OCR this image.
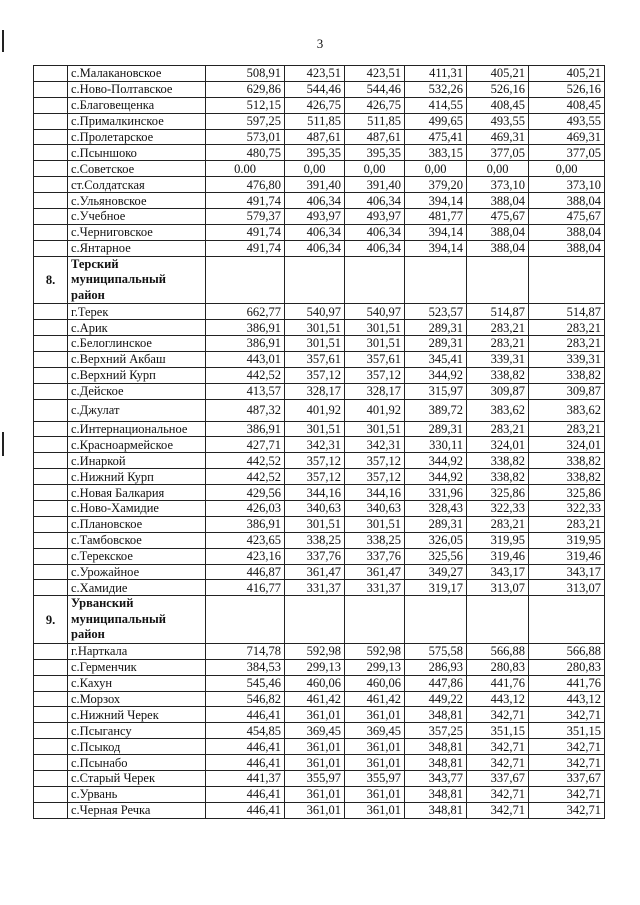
3
	с.Малакановское	508,91	423,51	423,51	411,31	405,21	405,21
	с.Ново-Полтавское	629,86	544,46	544,46	532,26	526,16	526,16
	с.Благовещенка	512,15	426,75	426,75	414,55	408,45	408,45
	с.Прималкинское	597,25	511,85	511,85	499,65	493,55	493,55
	с.Пролетарское	573,01	487,61	487,61	475,41	469,31	469,31
	с.Псыншоко	480,75	395,35	395,35	383,15	377,05	377,05
	с.Советское	0.00	0,00	0,00	0,00	0,00	0,00
	ст.Солдатская	476,80	391,40	391,40	379,20	373,10	373,10
	с.Ульяновское	491,74	406,34	406,34	394,14	388,04	388,04
	с.Учебное	579,37	493,97	493,97	481,77	475,67	475,67
	с.Черниговское	491,74	406,34	406,34	394,14	388,04	388,04
	с.Янтарное	491,74	406,34	406,34	394,14	388,04	388,04
8.	Терский
муниципальный
район						

	г.Терек	662,77	540,97	540,97	523,57	514,87	514,87
	с.Арик	386,91	301,51	301,51	289,31	283,21	283,21
	с.Белоглинское	386,91	301,51	301,51	289,31	283,21	283,21
	с.Верхний Акбаш	443,01	357,61	357,61	345,41	339,31	339,31
	с.Верхний Курп	442,52	357,12	357,12	344,92	338,82	338,82
	с.Дейское	413,57	328,17	328,17	315,97	309,87	309,87
	с.Джулат	487,32	401,92	401,92	389,72	383,62	383,62
	с.Интернациональное	386,91	301,51	301,51	289,31	283,21	283,21
	с.Красноармейское	427,71	342,31	342,31	330,11	324,01	324,01
	с.Инаркой	442,52	357,12	357,12	344,92	338,82	338,82
	с.Нижний Курп	442,52	357,12	357,12	344,92	338,82	338,82
	с.Новая Балкария	429,56	344,16	344,16	331,96	325,86	325,86
	с.Ново-Хамидие	426,03	340,63	340,63	328,43	322,33	322,33
	с.Плановское	386,91	301,51	301,51	289,31	283,21	283,21
	с.Тамбовское	423,65	338,25	338,25	326,05	319,95	319,95
	с.Терекское	423,16	337,76	337,76	325,56	319,46	319,46
	с.Урожайное	446,87	361,47	361,47	349,27	343,17	343,17
	с.Хамидие	416,77	331,37	331,37	319,17	313,07	313,07
9.	Урванский
муниципальный
район						

	г.Нарткала	714,78	592,98	592,98	575,58	566,88	566,88
	с.Герменчик	384,53	299,13	299,13	286,93	280,83	280,83
	с.Кахун	545,46	460,06	460,06	447,86	441,76	441,76
	с.Морзох	546,82	461,42	461,42	449,22	443,12	443,12
	с.Нижний Черек	446,41	361,01	361,01	348,81	342,71	342,71
	с.Псыгансу	454,85	369,45	369,45	357,25	351,15	351,15
	с.Псыкод	446,41	361,01	361,01	348,81	342,71	342,71
	с.Псынабо	446,41	361,01	361,01	348,81	342,71	342,71
	с.Старый Черек	441,37	355,97	355,97	343,77	337,67	337,67
	с.Урвань	446,41	361,01	361,01	348,81	342,71	342,71
	с.Черная Речка	446,41	361,01	361,01	348,81	342,71	342,71
